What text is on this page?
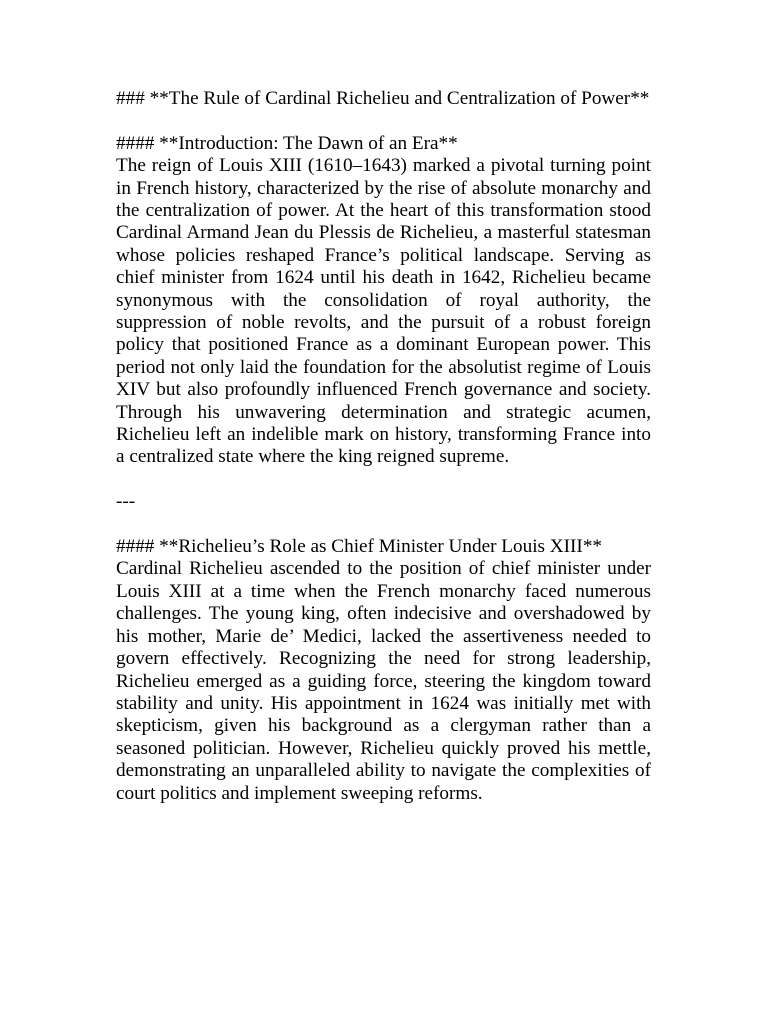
### **The Rule of Cardinal Richelieu and Centralization of Power**

#### **Introduction: The Dawn of an Era**

The reign of Louis XIII (1610–1643) marked a pivotal turning point in French history, characterized by the rise of absolute monarchy and the centralization of power. At the heart of this transformation stood Cardinal Armand Jean du Plessis de Richelieu, a masterful statesman whose policies reshaped France’s political landscape. Serving as chief minister from 1624 until his death in 1642, Richelieu became synonymous with the consolidation of royal authority, the suppression of noble revolts, and the pursuit of a robust foreign policy that positioned France as a dominant European power. This period not only laid the foundation for the absolutist regime of Louis XIV but also profoundly influenced French governance and society. Through his unwavering determination and strategic acumen, Richelieu left an indelible mark on history, transforming France into a centralized state where the king reigned supreme.

---

#### **Richelieu’s Role as Chief Minister Under Louis XIII**

Cardinal Richelieu ascended to the position of chief minister under Louis XIII at a time when the French monarchy faced numerous challenges. The young king, often indecisive and overshadowed by his mother, Marie de’ Medici, lacked the assertiveness needed to govern effectively. Recognizing the need for strong leadership, Richelieu emerged as a guiding force, steering the kingdom toward stability and unity. His appointment in 1624 was initially met with skepticism, given his background as a clergyman rather than a seasoned politician. However, Richelieu quickly proved his mettle, demonstrating an unparalleled ability to navigate the complexities of court politics and implement sweeping reforms.
